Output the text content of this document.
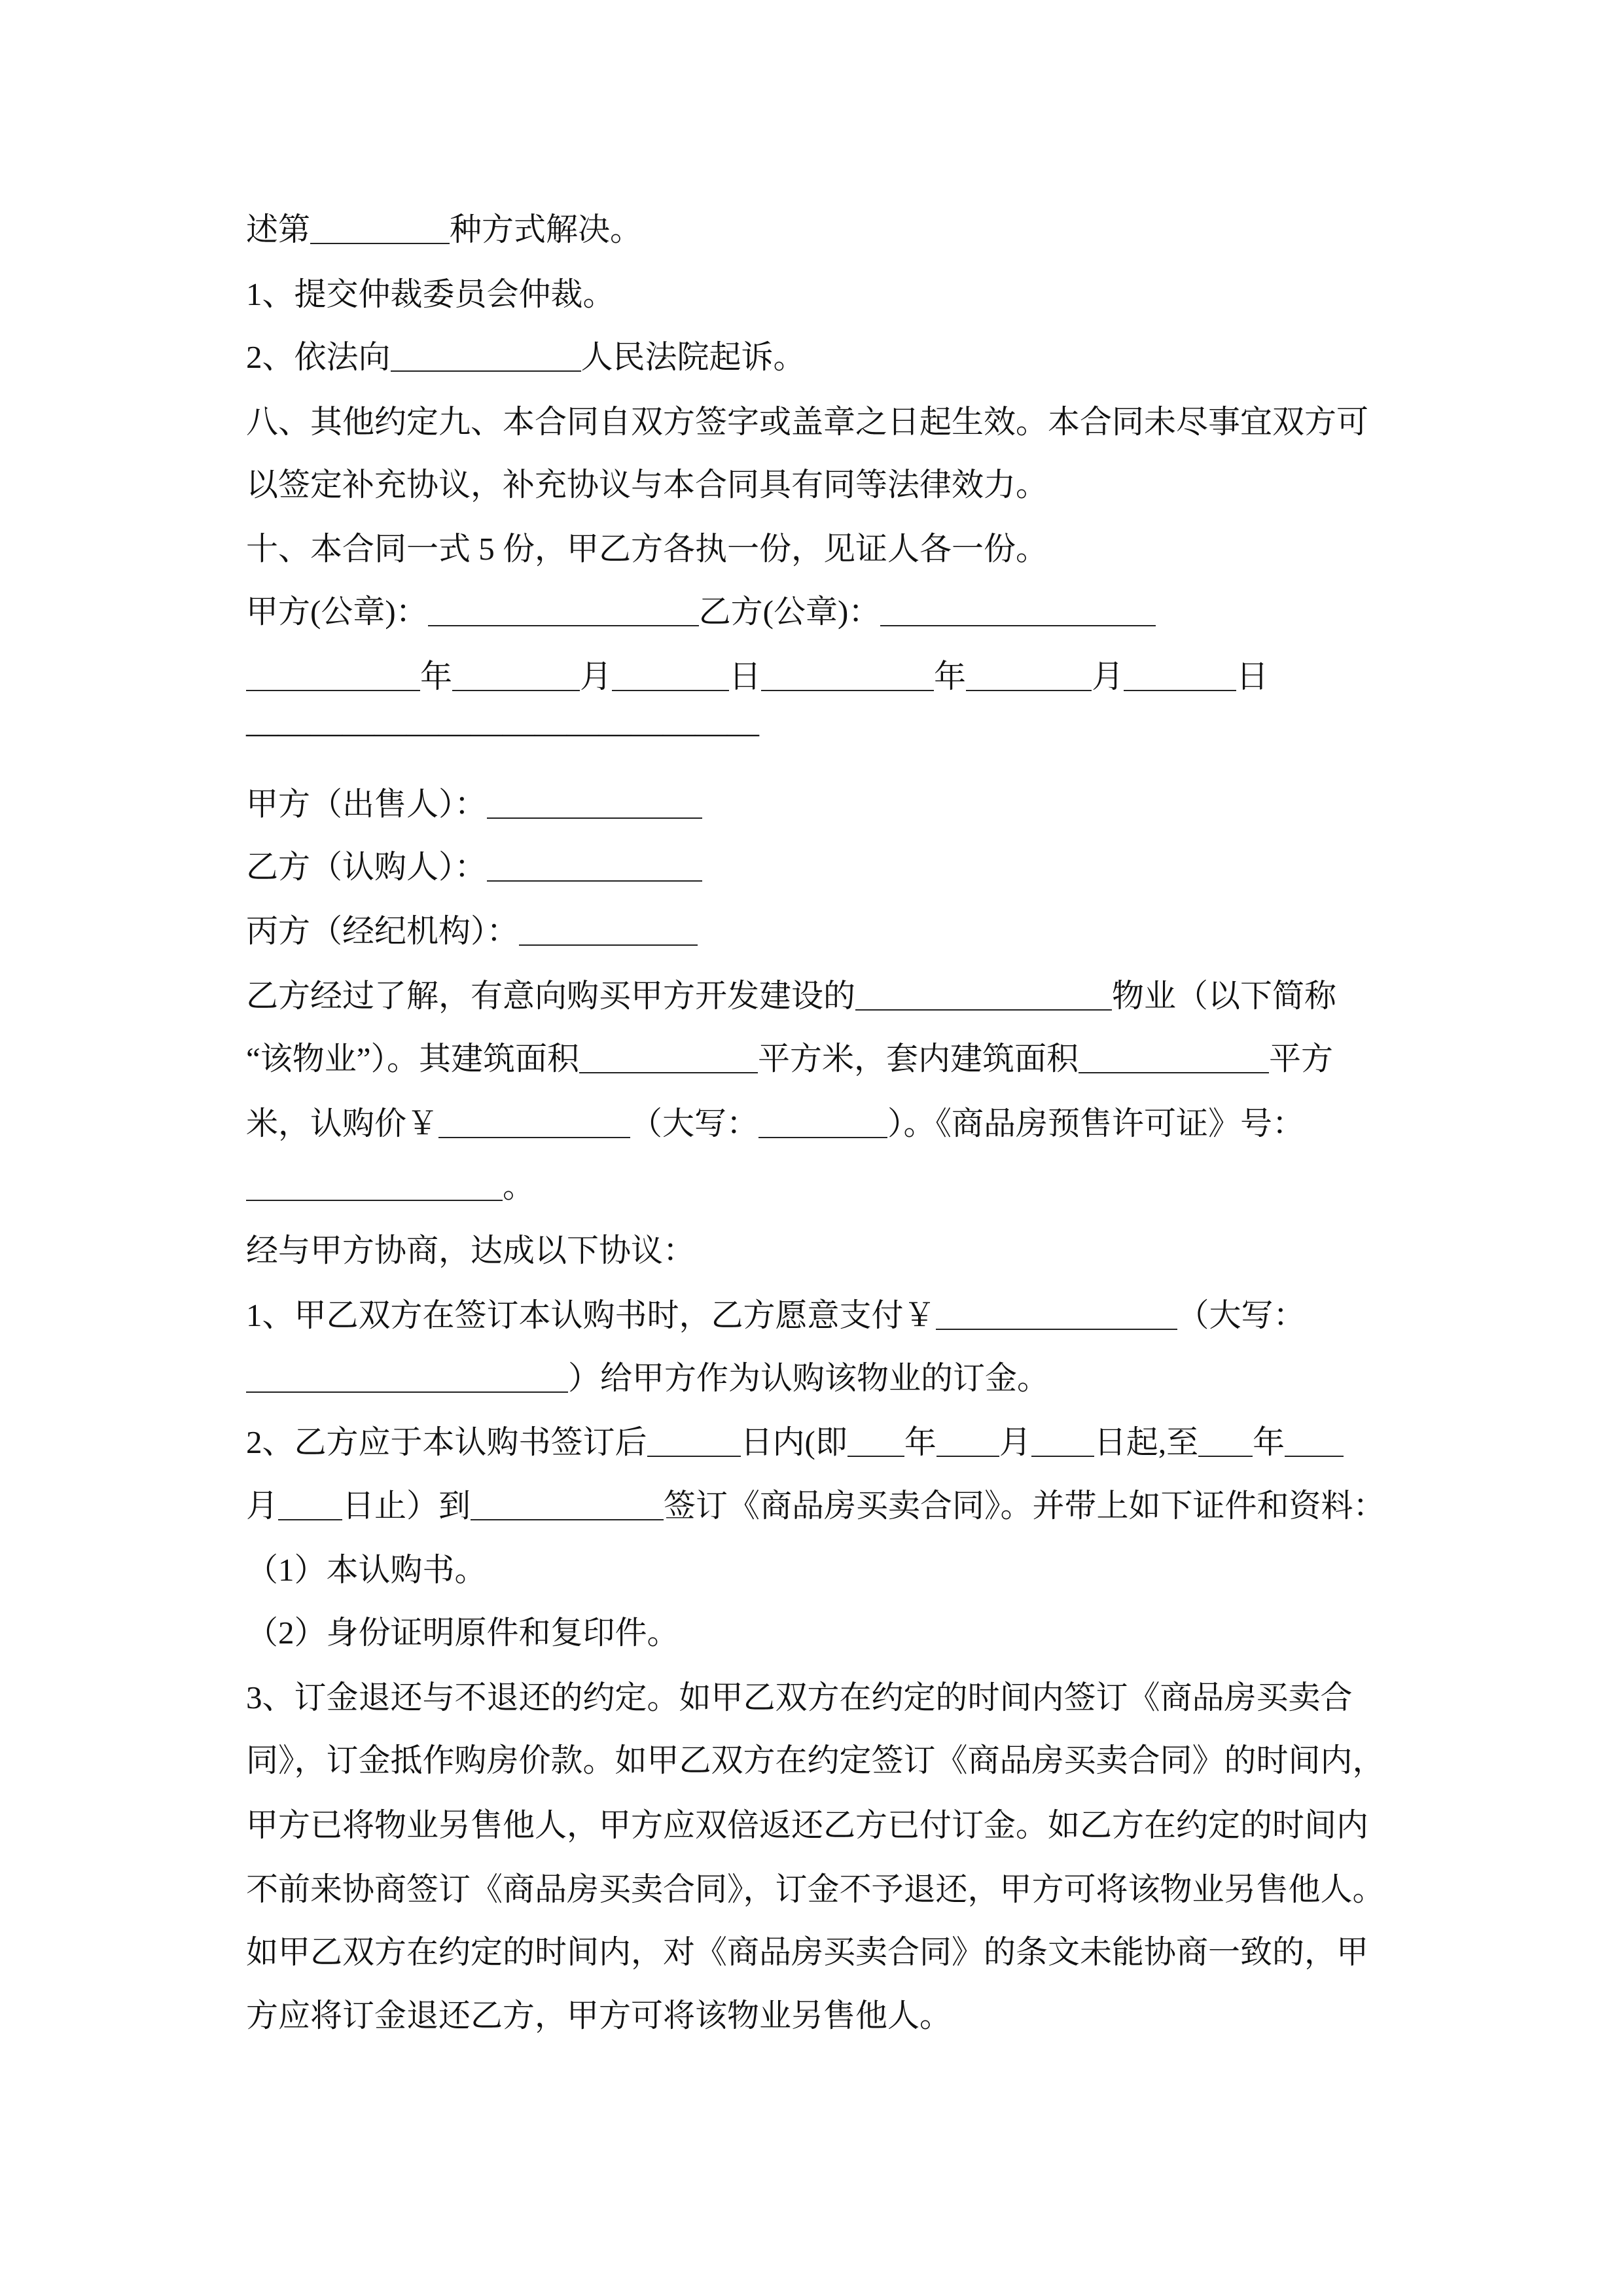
述第	种方式解决。
1、提交仲裁委员会仲裁。
2、依法向	人民法院起诉。
八、其他约定九、本合同自双方签字或盖章之日起生效。本合同未尽事宜双方可
以签定补充协议，补充协议与本合同具有同等法律效力。
十、本合同一式 5 份，甲乙方各执一份，见证人各一份。
甲方(公章)：	乙方(公章)：
年	月	日	年	月	日
————————————————
甲方（出售人）：
乙方（认购人）：
丙方（经纪机构）：
乙方经过了解，有意向购买甲方开发建设的	物业（以下简称
“该物业”）。其建筑面积	平方米，套内建筑面积	平方
米，认购价￥	（大写：	）。《商品房预售许可证》号：
。
经与甲方协商，达成以下协议：
1、甲乙双方在签订本认购书时，乙方愿意支付￥	（大写：
）给甲方作为认购该物业的订金。
2、乙方应于本认购书签订后	日内(即 年 月 日起,至 年
月 日止）到	签订《商品房买卖合同》。并带上如下证件和资料：
（1）本认购书。
（2）身份证明原件和复印件。
3、订金退还与不退还的约定。如甲乙双方在约定的时间内签订《商品房买卖合
同》，订金抵作购房价款。如甲乙双方在约定签订《商品房买卖合同》的时间内，
甲方已将物业另售他人，甲方应双倍返还乙方已付订金。如乙方在约定的时间内
不前来协商签订《商品房买卖合同》，订金不予退还，甲方可将该物业另售他人。
如甲乙双方在约定的时间内，对《商品房买卖合同》的条文未能协商一致的，甲
方应将订金退还乙方，甲方可将该物业另售他人。
